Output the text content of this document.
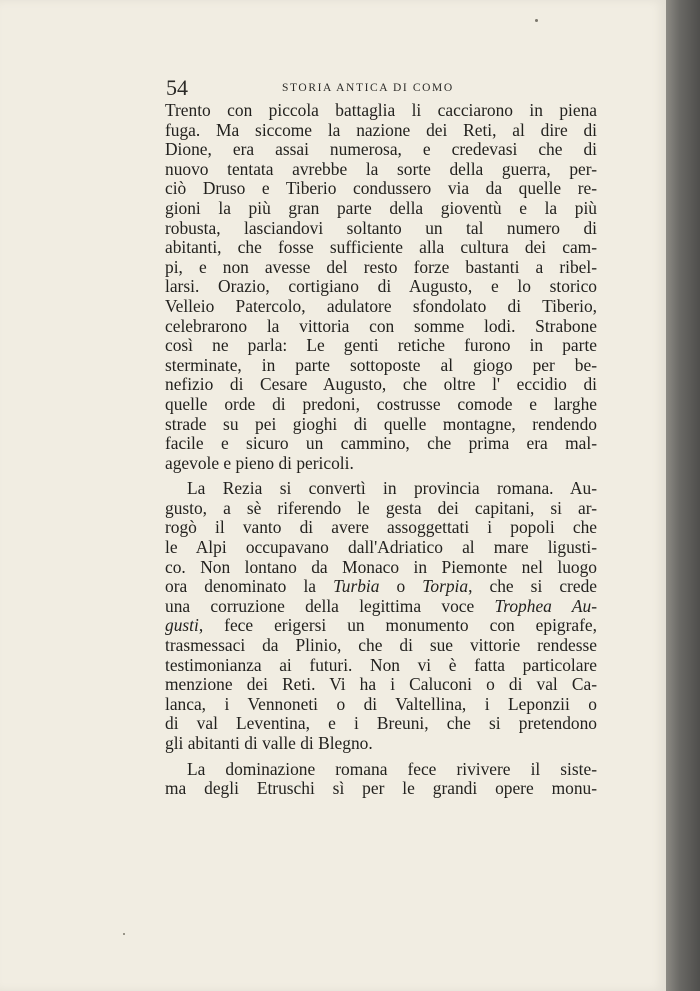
54	STORIA ANTICA DI COMO
Trento con piccola battaglia li cacciarono in piena
fuga. Ma siccome la nazione dei Reti, al dire di
Dione, era assai numerosa, e credevasi che di
nuovo tentata avrebbe la sorte della guerra, per-
ciò Druso e Tiberio condussero via da quelle re-
gioni la più gran parte della gioventù e la più
robusta, lasciandovi soltanto un tal numero di
abitanti, che fosse sufficiente alla cultura dei cam-
pi, e non avesse del resto forze bastanti a ribel-
larsi. Orazio, cortigiano di Augusto, e lo storico
Velleio Patercolo, adulatore sfondolato di Tiberio,
celebrarono la vittoria con somme lodi. Strabone
così ne parla: Le genti retiche furono in parte
sterminate, in parte sottoposte al giogo per be-
nefizio di Cesare Augusto, che oltre l' eccidio di
quelle orde di predoni, costrusse comode e larghe
strade su pei gioghi di quelle montagne, rendendo
facile e sicuro un cammino, che prima era mal-
agevole e pieno di pericoli.
La Rezia si convertì in provincia romana. Au-
gusto, a sè riferendo le gesta dei capitani, si ar-
rogò il vanto di avere assoggettati i popoli che
le Alpi occupavano dall'Adriatico al mare ligusti-
co. Non lontano da Monaco in Piemonte nel luogo
ora denominato la Turbia o Torpia, che si crede
una corruzione della legittima voce Trophea Au-
gusti, fece erigersi un monumento con epigrafe,
trasmessaci da Plinio, che di sue vittorie rendesse
testimonianza ai futuri. Non vi è fatta particolare
menzione dei Reti. Vi ha i Caluconi o di val Ca-
lanca, i Vennoneti o di Valtellina, i Leponzii o
di val Leventina, e i Breuni, che si pretendono
gli abitanti di valle di Blegno.
La dominazione romana fece rivivere il siste-
ma degli Etruschi sì per le grandi opere monu-
